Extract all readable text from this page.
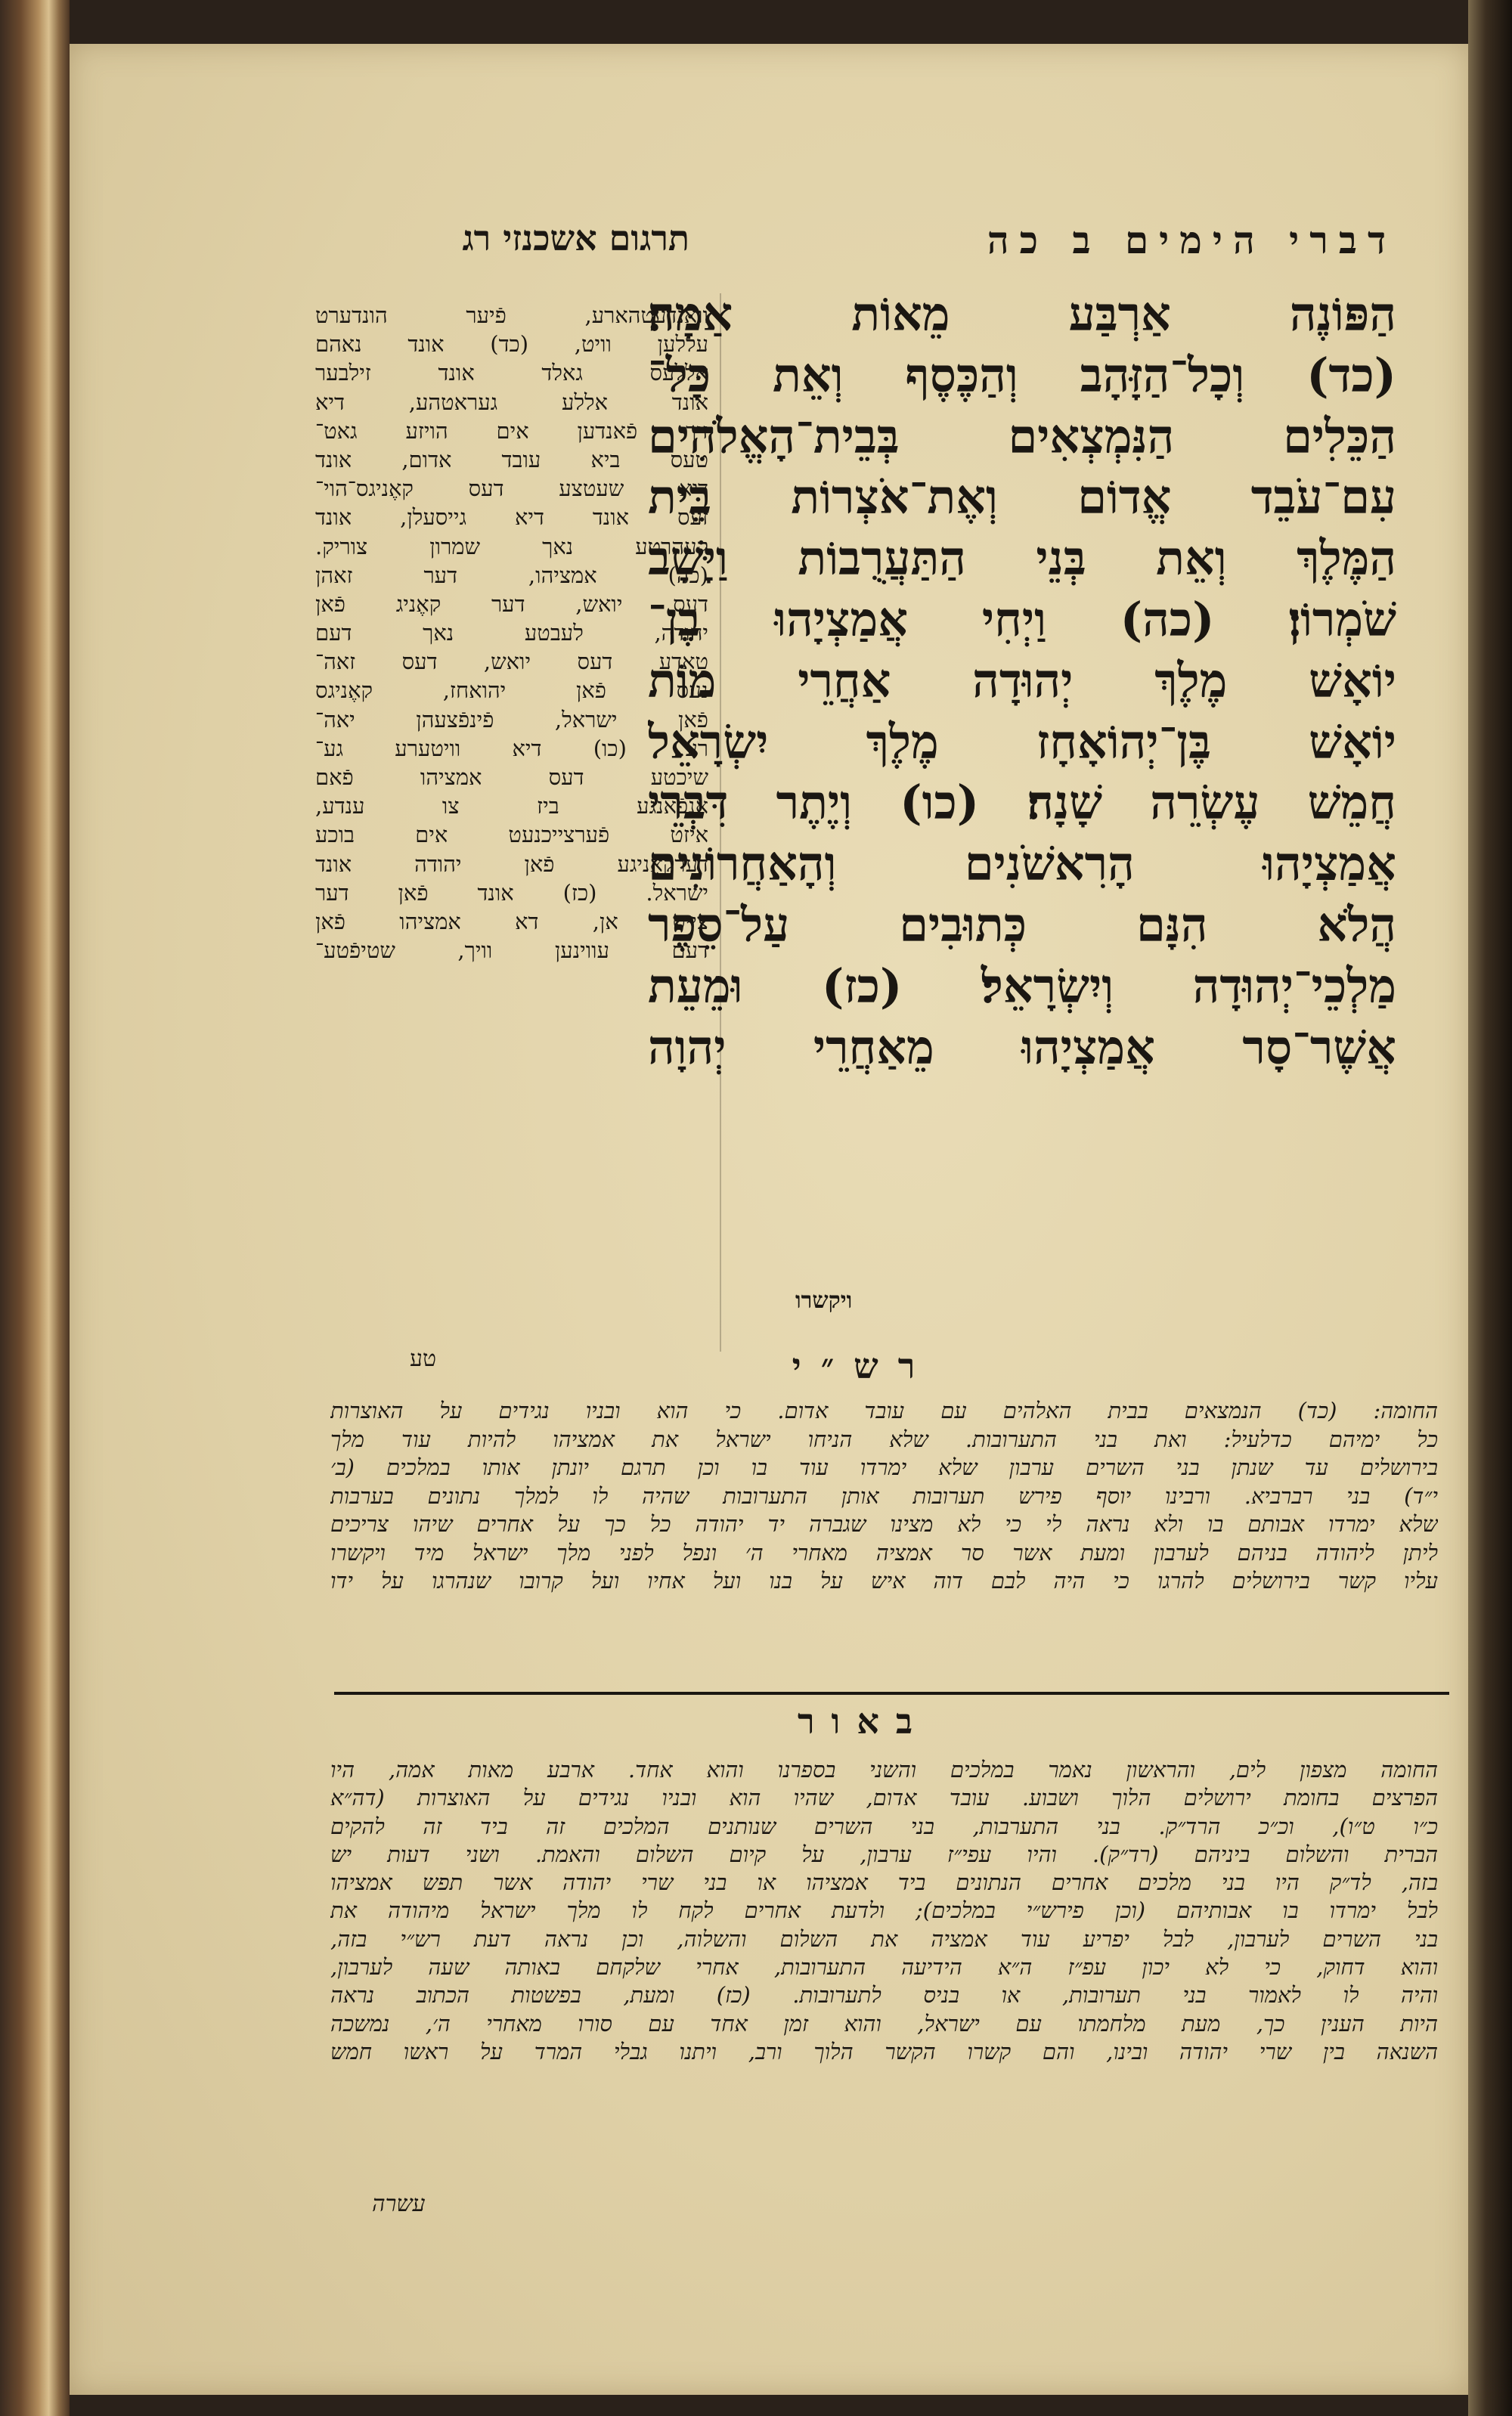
דברי הימים ב כה
תרגום אשכנזי רג
הַפּוֹנֶה אַרְבַּע מֵאוֹת אַמָּה׃
(כד) וְכָל־הַזָּהָב וְהַכֶּסֶף וְאֵת כָּל־
הַכֵּלִים הַנִּמְצְאִים בְּבֵית־הָאֱלֹהִים
עִם־עֹבֵד אֱדוֹם וְאֶת־אֹצְרוֹת בֵּית
הַמֶּלֶךְ וְאֵת בְּנֵי הַתַּעֲרֻבוֹת וַיָּשָׁב
שֹׁמְרוֹן׃ (כה) וַיְחִי אֲמַצְיָהוּ בֶן־
יוֹאָשׁ מֶלֶךְ יְהוּדָה אַחֲרֵי מוֹת
יוֹאָשׁ בֶּן־יְהוֹאָחָז מֶלֶךְ יִשְׂרָאֵל
חֲמֵשׁ עֶשְׂרֵה שָׁנָה׃ (כו) וְיֶתֶר דִּבְרֵי
אֲמַצְיָהוּ הָרִאשֹׁנִים וְהָאַחֲרוֹנִים
הֲלֹא הִנָּם כְּתוּבִים עַל־סֵפֶר
מַלְכֵי־יְהוּדָה וְיִשְׂרָאֵל׃ (כז) וּמֵעֵת
אֲשֶׁר־סָר אֲמַצְיָהוּ מֵאַחֲרֵי יְהוָה
ויקשרו
וואנדעטהארע, פֿיער הונדערט
עללען וויט, (כד) אונד נאהם
אללעס גאלד אונד זילבער
אונד אללע געראטהע, דיא
זיך פֿאנדען אים הויזע גאט־
טעס ביא עובד אדום, אונד
דיא שעטצע דעס קאֶניגס־הוי־
זעס אונד דיא גייסעלן, אונד
קעהרטע נאך שמרון צוריק.
(כה) אמציהו, דער זאהן
דעס יואש, דער קאֶניג פֿאן
יהודה, לעבטע נאך דעם
טאדע דעס יואש, דעס זאה־
נעס פֿאן יהואחז, קאֶניגס
פֿאן ישראל, פֿינפֿצעהן יאה־
רע. (כו) דיא וויטערע גע־
שיכטע דעס אמציהו פֿאם
אנפֿאנגע ביז צו ענדע,
איזט פֿערצייכנעט אים בוכע
דערקאֶניגע פֿאן יהודה אונד
ישראל. (כז) אונד פֿאן דער
צייט אן, דא אמציהו פֿאן
דעם עווינען וויך, שטיפֿטע־
טע	רש״י
החומה: (כד) הנמצאים בבית האלהים עם עובד אדום. כי הוא ובניו נגידים על האוצרות
כל ימיהם כדלעיל: ואת בני התערובות. שלא הניחו ישראל את אמציהו להיות עוד מלך
בירושלים עד שנתן בני השרים ערבון שלא ימרדו עוד בו וכן תרגם יונתן אותו במלכים (ב׳
י״ד) בני רברביא. ורבינו יוסף פירש תערובות אותן התערובות שהיה לו למלך נתונים בערבות
שלא ימרדו אבותם בו ולא נראה לי כי לא מצינו שגברה יד יהודה כל כך על אחרים שיהו צריכים
ליתן ליהודה בניהם לערבון ומעת אשר סר אמציה מאחרי ה׳ ונפל לפני מלך ישראל מיד ויקשרו
עליו קשר בירושלים להרגו כי היה לבם דוה איש על בנו ועל אחיו ועל קרובו שנהרגו על ידו
באור
החומה מצפון לים, והראשון נאמר במלכים והשני בספרנו והוא אחד. ארבע מאות אמה, היו
הפרצים בחומת ירושלים הלוך ושבוע. עובד אדום, שהיו הוא ובניו נגידים על האוצרות (דה״א
כ״ו ט״ו), וכ״כ הרד״ק. בני התערבות, בני השרים שנותנים המלכים זה ביד זה להקים
הברית והשלום ביניהם (רד״ק). והיו עפי״ז ערבון, על קיום השלום והאמת. ושני דעות יש
בזה, לד״ק היו בני מלכים אחרים הנתונים ביד אמציהו או בני שרי יהודה אשר תפש אמציהו
לבל ימרדו בו אבותיהם (וכן פירש״י במלכים); ולדעת אחרים לקח לו מלך ישראל מיהודה את
בני השרים לערבון, לבל יפריע עוד אמציה את השלום והשלוה, וכן נראה דעת רש״י בזה,
והוא דחוק, כי לא יכון עפ״ז ה״א הידיעה התערובות, אחרי שלקחם באותה שעה לערבון,
והיה לו לאמור בני תערובות, או בניס לתערובות. (כז) ומעת, בפשטות הכתוב נראה
היות הענין כך, מעת מלחמתו עם ישראל, והוא זמן אחד עם סורו מאחרי ה׳, נמשכה
השנאה בין שרי יהודה ובינו, והם קשרו הקשר הלוך ורב, ויתנו גבלי המרד על ראשו חמש
עשרה
